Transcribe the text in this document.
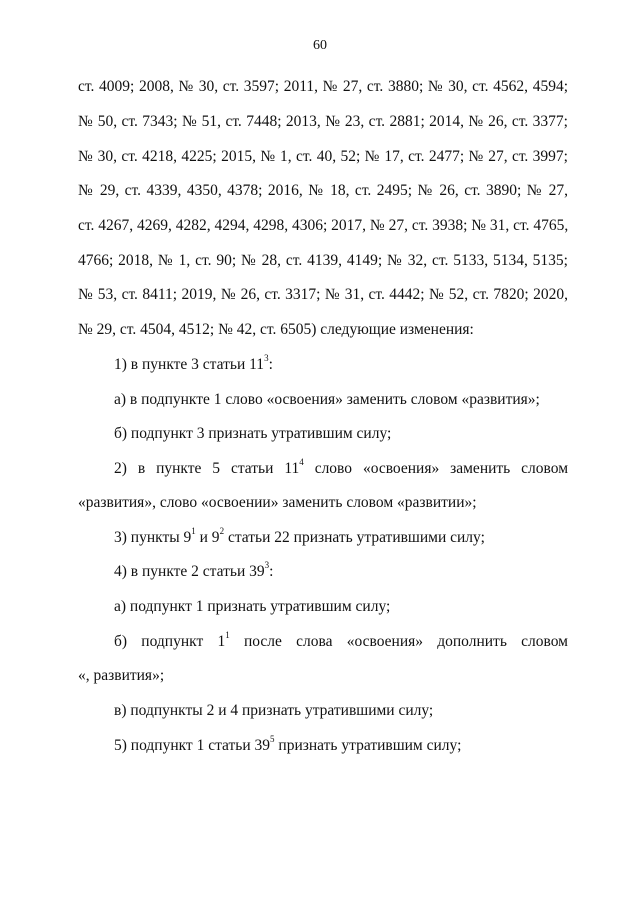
60
ст. 4009; 2008, № 30, ст. 3597; 2011, № 27, ст. 3880; № 30, ст. 4562, 4594;
№ 50, ст. 7343; № 51, ст. 7448; 2013, № 23, ст. 2881; 2014, № 26, ст. 3377;
№ 30, ст. 4218, 4225; 2015, № 1, ст. 40, 52; № 17, ст. 2477; № 27, ст. 3997;
№ 29, ст. 4339, 4350, 4378; 2016, № 18, ст. 2495; № 26, ст. 3890; № 27,
ст. 4267, 4269, 4282, 4294, 4298, 4306; 2017, № 27, ст. 3938; № 31, ст. 4765,
4766; 2018, № 1, ст. 90; № 28, ст. 4139, 4149; № 32, ст. 5133, 5134, 5135;
№ 53, ст. 8411; 2019, № 26, ст. 3317; № 31, ст. 4442; № 52, ст. 7820; 2020,
№ 29, ст. 4504, 4512; № 42, ст. 6505) следующие изменения:
1) в пункте 3 статьи $11^3$:
а) в подпункте 1 слово «освоения» заменить словом «развития»;
б) подпункт 3 признать утратившим силу;
2) в пункте 5 статьи $11^4$ слово «освоения» заменить словом
«развития», слово «освоении» заменить словом «развитии»;
3) пункты $9^1$ и $9^2$ статьи 22 признать утратившими силу;
4) в пункте 2 статьи $39^3$:
а) подпункт 1 признать утратившим силу;
б) подпункт $1^1$ после слова «освоения» дополнить словом
«, развития»;
в) подпункты 2 и 4 признать утратившими силу;
5) подпункт 1 статьи $39^5$ признать утратившим силу;
